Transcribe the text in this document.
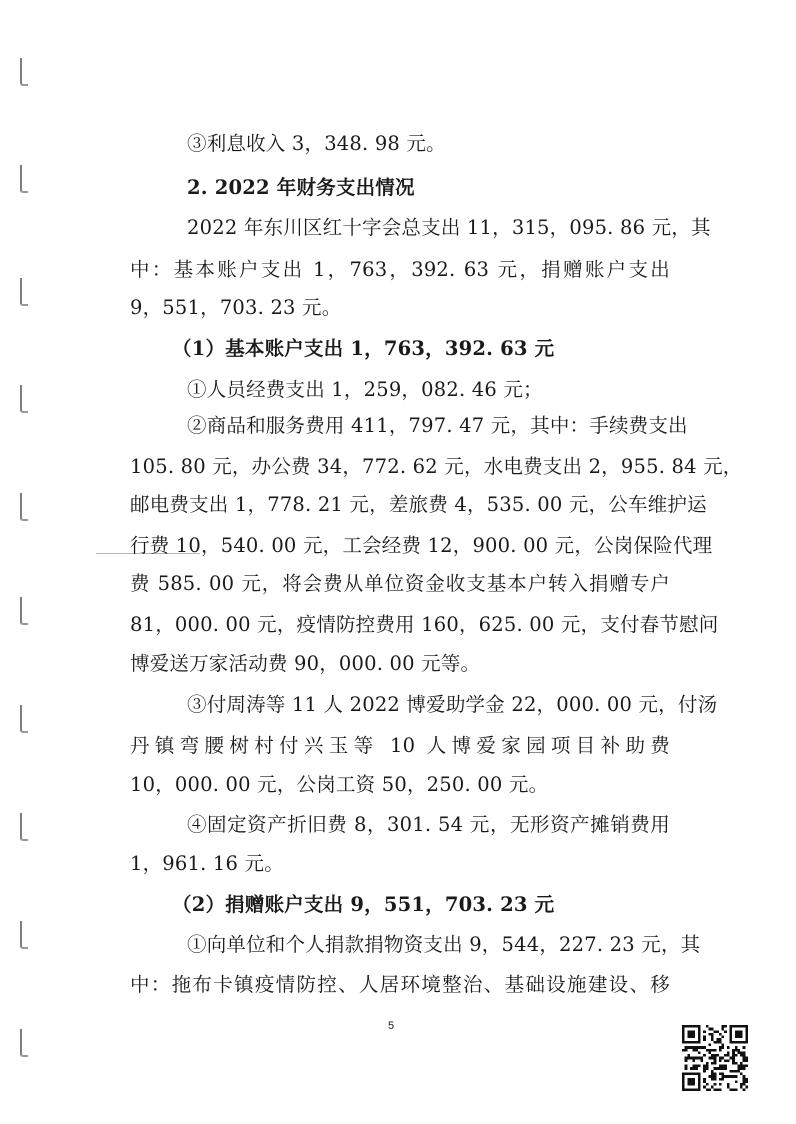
③利息收入 3，348. 98 元。
2. 2022 年财务支出情况
2022 年东川区红十字会总支出 11，315，095. 86 元，其
中：基本账户支出 1，763，392. 63 元，捐赠账户支出
9，551，703. 23 元。
（1）基本账户支出 1，763，392. 63 元
①人员经费支出 1，259，082. 46 元；
②商品和服务费用 411，797. 47 元，其中：手续费支出
105. 80 元，办公费 34，772. 62 元，水电费支出 2，955. 84 元，
邮电费支出 1，778. 21 元，差旅费 4，535. 00 元，公车维护运
行费 10，540. 00 元，工会经费 12，900. 00 元，公岗保险代理
费 585. 00 元，将会费从单位资金收支基本户转入捐赠专户
81，000. 00 元，疫情防控费用 160，625. 00 元，支付春节慰问
博爱送万家活动费 90，000. 00 元等。
③付周涛等 11 人 2022 博爱助学金 22，000. 00 元，付汤
丹镇弯腰树村付兴玉等 10 人博爱家园项目补助费
10，000. 00 元，公岗工资 50，250. 00 元。
④固定资产折旧费 8，301. 54 元，无形资产摊销费用
1，961. 16 元。
（2）捐赠账户支出 9，551，703. 23 元
①向单位和个人捐款捐物资支出 9，544，227. 23 元，其
中：拖布卡镇疫情防控、人居环境整治、基础设施建设、移
5
